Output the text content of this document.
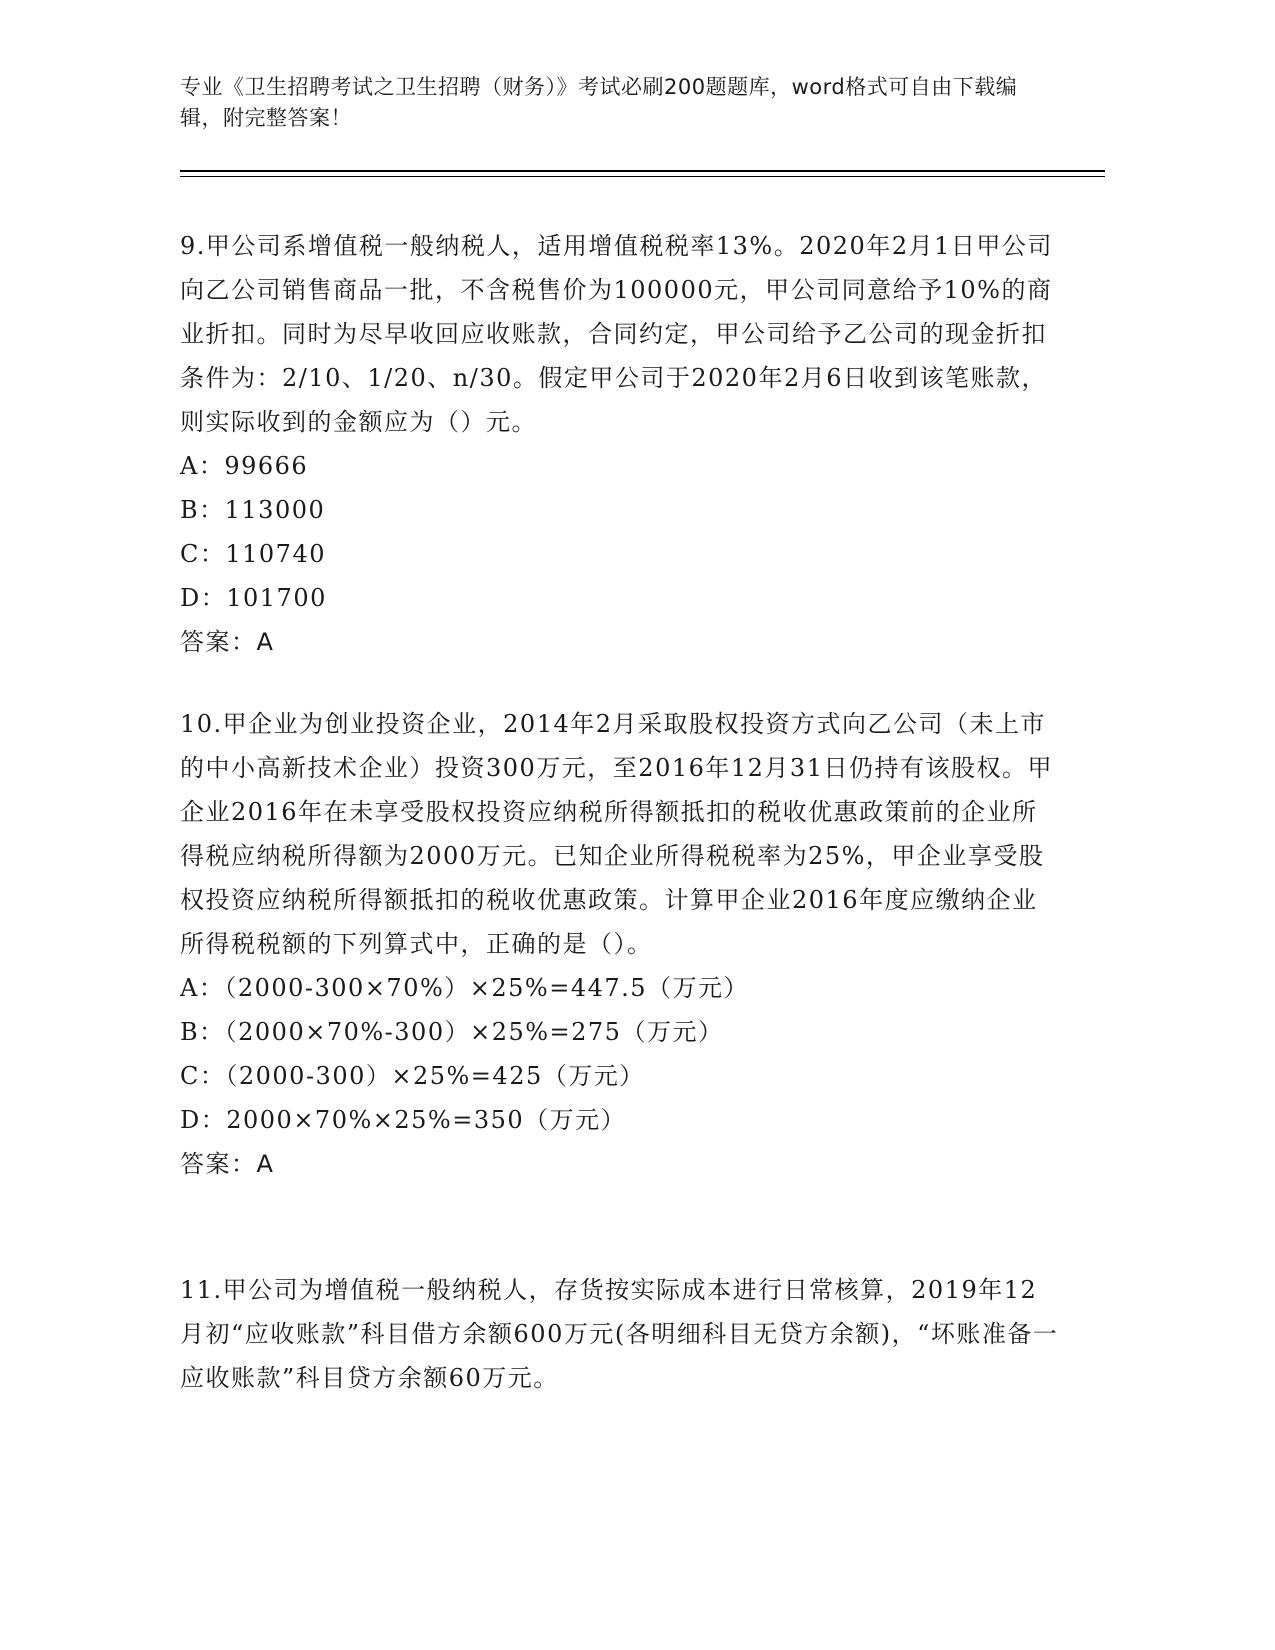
专业《卫生招聘考试之卫生招聘（财务）》考试必刷200题题库，word格式可自由下载编辑，附完整答案！

9.甲公司系增值税一般纳税人，适用增值税税率13%。2020年2月1日甲公司向乙公司销售商品一批，不含税售价为100000元，甲公司同意给予10%的商业折扣。同时为尽早收回应收账款，合同约定，甲公司给予乙公司的现金折扣条件为：2/10、1/20、n/30。假定甲公司于2020年2月6日收到该笔账款，则实际收到的金额应为（）元。

A：99666

B：113000

C：110740

D：101700

答案：A

10.甲企业为创业投资企业，2014年2月采取股权投资方式向乙公司（未上市的中小高新技术企业）投资300万元，至2016年12月31日仍持有该股权。甲企业2016年在未享受股权投资应纳税所得额抵扣的税收优惠政策前的企业所得税应纳税所得额为2000万元。已知企业所得税税率为25%，甲企业享受股权投资应纳税所得额抵扣的税收优惠政策。计算甲企业2016年度应缴纳企业所得税税额的下列算式中，正确的是（）。

A：（2000-300×70%）×25%=447.5（万元）

B：（2000×70%-300）×25%=275（万元）

C：（2000-300）×25%=425（万元）

D：2000×70%×25%=350（万元）

答案：A

11.甲公司为增值税一般纳税人，存货按实际成本进行日常核算，2019年12月初“应收账款”科目借方余额600万元(各明细科目无贷方余额)，“坏账准备一应收账款”科目贷方余额60万元。
